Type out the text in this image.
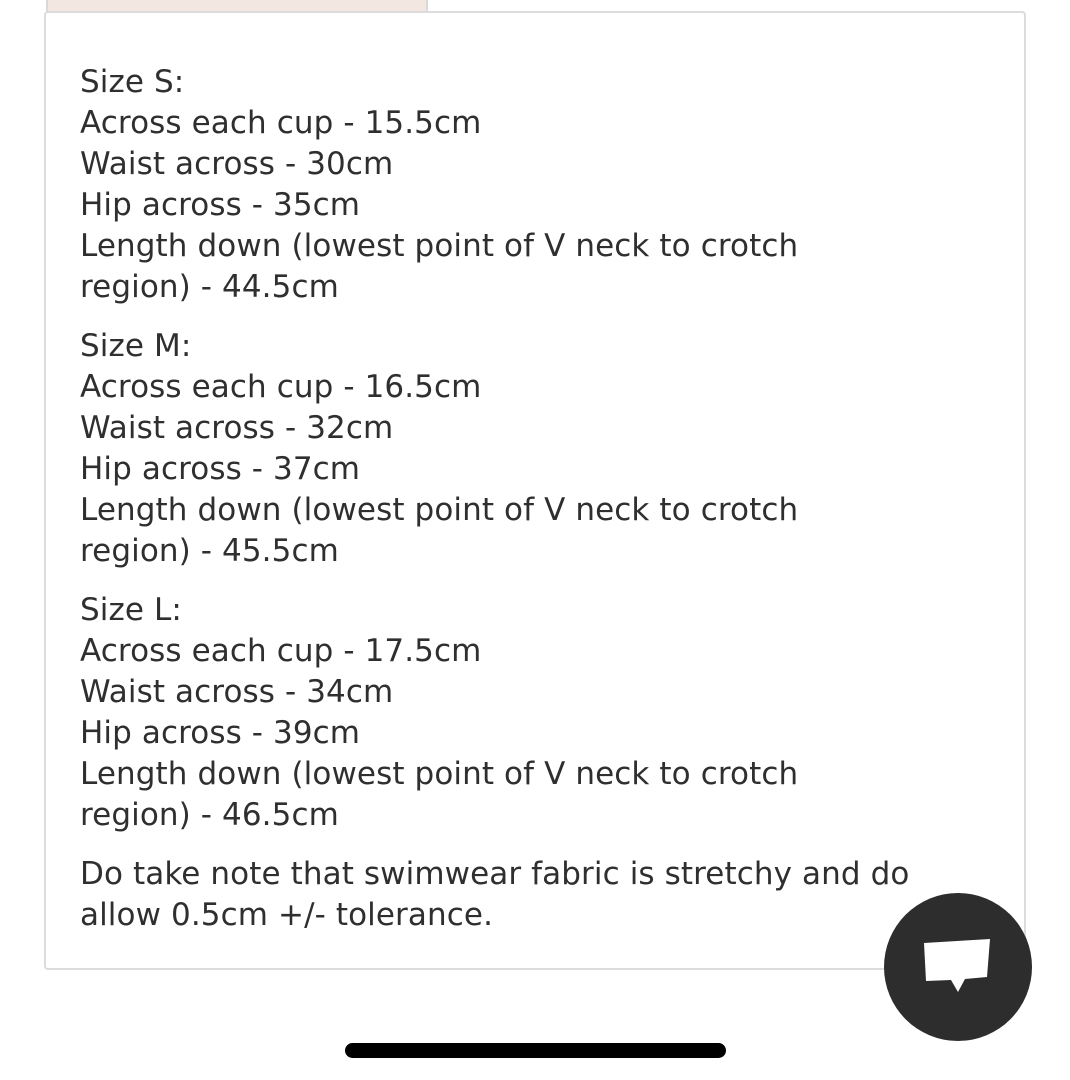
Size S:
Across each cup - 15.5cm
Waist across - 30cm
Hip across - 35cm
Length down (lowest point of V neck to crotch region) - 44.5cm
Size M:
Across each cup - 16.5cm
Waist across - 32cm
Hip across - 37cm
Length down (lowest point of V neck to crotch region) - 45.5cm
Size L:
Across each cup - 17.5cm
Waist across - 34cm
Hip across - 39cm
Length down (lowest point of V neck to crotch region) - 46.5cm
Do take note that swimwear fabric is stretchy and do allow 0.5cm +/- tolerance.
